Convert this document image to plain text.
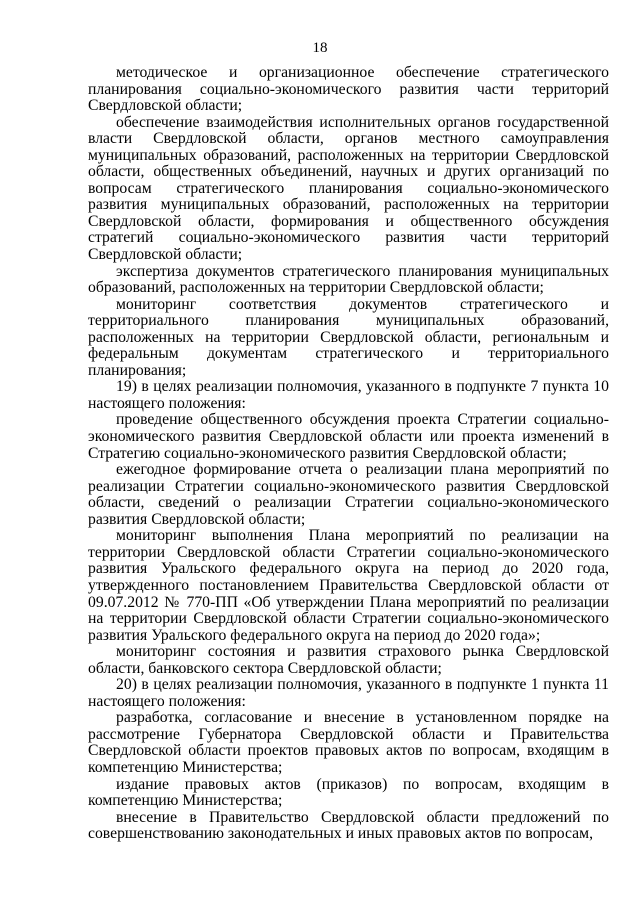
18

методическое и организационное обеспечение стратегического планирования социально-экономического развития части территорий Свердловской области;

обеспечение взаимодействия исполнительных органов государственной власти Свердловской области, органов местного самоуправления муниципальных образований, расположенных на территории Свердловской области, общественных объединений, научных и других организаций по вопросам стратегического планирования социально-экономического развития муниципальных образований, расположенных на территории Свердловской области, формирования и общественного обсуждения стратегий социально-экономического развития части территорий Свердловской области;

экспертиза документов стратегического планирования муниципальных образований, расположенных на территории Свердловской области;

мониторинг соответствия документов стратегического и территориального планирования муниципальных образований, расположенных на территории Свердловской области, региональным и федеральным документам стратегического и территориального планирования;

19) в целях реализации полномочия, указанного в подпункте 7 пункта 10 настоящего положения:

проведение общественного обсуждения проекта Стратегии социально-экономического развития Свердловской области или проекта изменений в Стратегию социально-экономического развития Свердловской области;

ежегодное формирование отчета о реализации плана мероприятий по реализации Стратегии социально-экономического развития Свердловской области, сведений о реализации Стратегии социально-экономического развития Свердловской области;

мониторинг выполнения Плана мероприятий по реализации на территории Свердловской области Стратегии социально-экономического развития Уральского федерального округа на период до 2020 года, утвержденного постановлением Правительства Свердловской области от 09.07.2012 № 770-ПП «Об утверждении Плана мероприятий по реализации на территории Свердловской области Стратегии социально-экономического развития Уральского федерального округа на период до 2020 года»;

мониторинг состояния и развития страхового рынка Свердловской области, банковского сектора Свердловской области;

20) в целях реализации полномочия, указанного в подпункте 1 пункта 11 настоящего положения:

разработка, согласование и внесение в установленном порядке на рассмотрение Губернатора Свердловской области и Правительства Свердловской области проектов правовых актов по вопросам, входящим в компетенцию Министерства;

издание правовых актов (приказов) по вопросам, входящим в компетенцию Министерства;

внесение в Правительство Свердловской области предложений по совершенствованию законодательных и иных правовых актов по вопросам,
